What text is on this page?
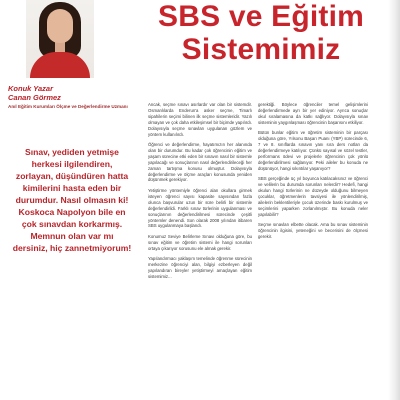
Konuk Yazar
Canan Görmez
Anıl Eğitim Kurumları Ölçme ve Değerlendirme Uzmanı
SBS ve Eğitim Sistemimiz
Sınav, yediden yetmişe herkesi ilgilendiren, zorlayan, düşündüren hatta kimilerini hasta eden bir durumdur. Nasıl olmasın ki! Koskoca Napolyon bile en çok sınavdan korkarmış. Memnun olan var mı dersiniz, hiç zannetmiyorum!

Ancak, seçme sınavı asırlardır var olan bir sistemdir. Osmanlılarda Enderun'a asker seçme, Timarlı sipahilerin seçimi bilinen ilk seçme sistemleridir. Yazılı olmayan ve çok daha etkileşimsel bir biçimde yapılırdı. Dolayısıyla seçme sınavları uygulanan gözlem ve yöntem kullanılırdı.

Öğrenci ve değerlendirme, hayatımızın her alanında olan bir durumdur. Bu kadar çok öğrencinin eğitim ve yaşam sürecine etki eden bir sınavın nasıl bir sistemle yapılacağı ve sonuçlarının nasıl değerlendirileceği her zaman tartışma konusu olmuştur. Dolayısıyla değerlendirme ve ölçme araçları konusunda yeniden düşünmek gerekiyor.

Yetiştirme yöntemiyle öğrenci alan okullara girmek isteyen öğrenci sayısı kapasite sayısından fazla olunca başvurular uzun bir süre belirli bir sistemle değerlendirildi. Farklı sınav türlerinin uygulanması ve sonuçlarının değerlendirilmesi sürecinde çeşitli yöntemler denendi. Son olarak 2008 yılından itibaren SBS uygulanmaya başlandı.

Konumuz Seviye Belirleme Sınavı olduğuna göre, bu sınav eğitim ve öğretim sistemi ile hangi sorunları ortaya çıkarıyor sorusunu ele almak gerekir.

Yapılandırmacı yaklaşım temelinde öğrenme sürecinin merkezine öğrenciyi alan, bilgiyi ezberleyen değil yapılandıran bireyler yetiştirmeyi amaçlayan eğitim sistemimiz...

gerektiği. Böylece öğrenciler temel gelişimlerini değerlendirmede ayrı bir yer ediniyor. Ayrıca sonuçlar okul sıralamasına da katkı sağlıyor. Dolayısıyla sınav sisteminin yaygınlaşması öğrencinin başarısını etkiliyor.

Bütün bunlar eğitim ve öğretim sisteminin bir parçası olduğuna göre, Yılsonu Başarı Puanı (YBP) sürecinde 6, 7 ve 8. sınıflarda sınavın yanı sıra ders notları da değerlendirmeye katılıyor. Çünkü sayısal ve sözel testler, performans ödevi ve projelerle öğrencinin çok yönlü değerlendirilmesi sağlanıyor. Peki aileler bu konuda ne düşünüyor, hangi sıkıntılar yaşanıyor?

SBS gerçeğinde üç yıl boyunca katılacaksınız ve öğrenci ve velilerin bu durumda sorunları nelerdir? Hedefi, hangi okulun hangi türlerinin ne düzeyde olduğunu bilmeyen çocuklar, öğretmenlerin tavsiyesi ile yönlendirilmiş, ailelerin beklentileriyle çocuk üzerinde baskı kurulmuş ve seçimlerini yaparken zorlanılmıştır. Bu konuda neler yapılabilir?

Seçme sınavları elbette olacak. Ama bu sınav sisteminin öğrencinin ilgisini, yeteneğini ve becerisini de ölçmesi gerekir.
